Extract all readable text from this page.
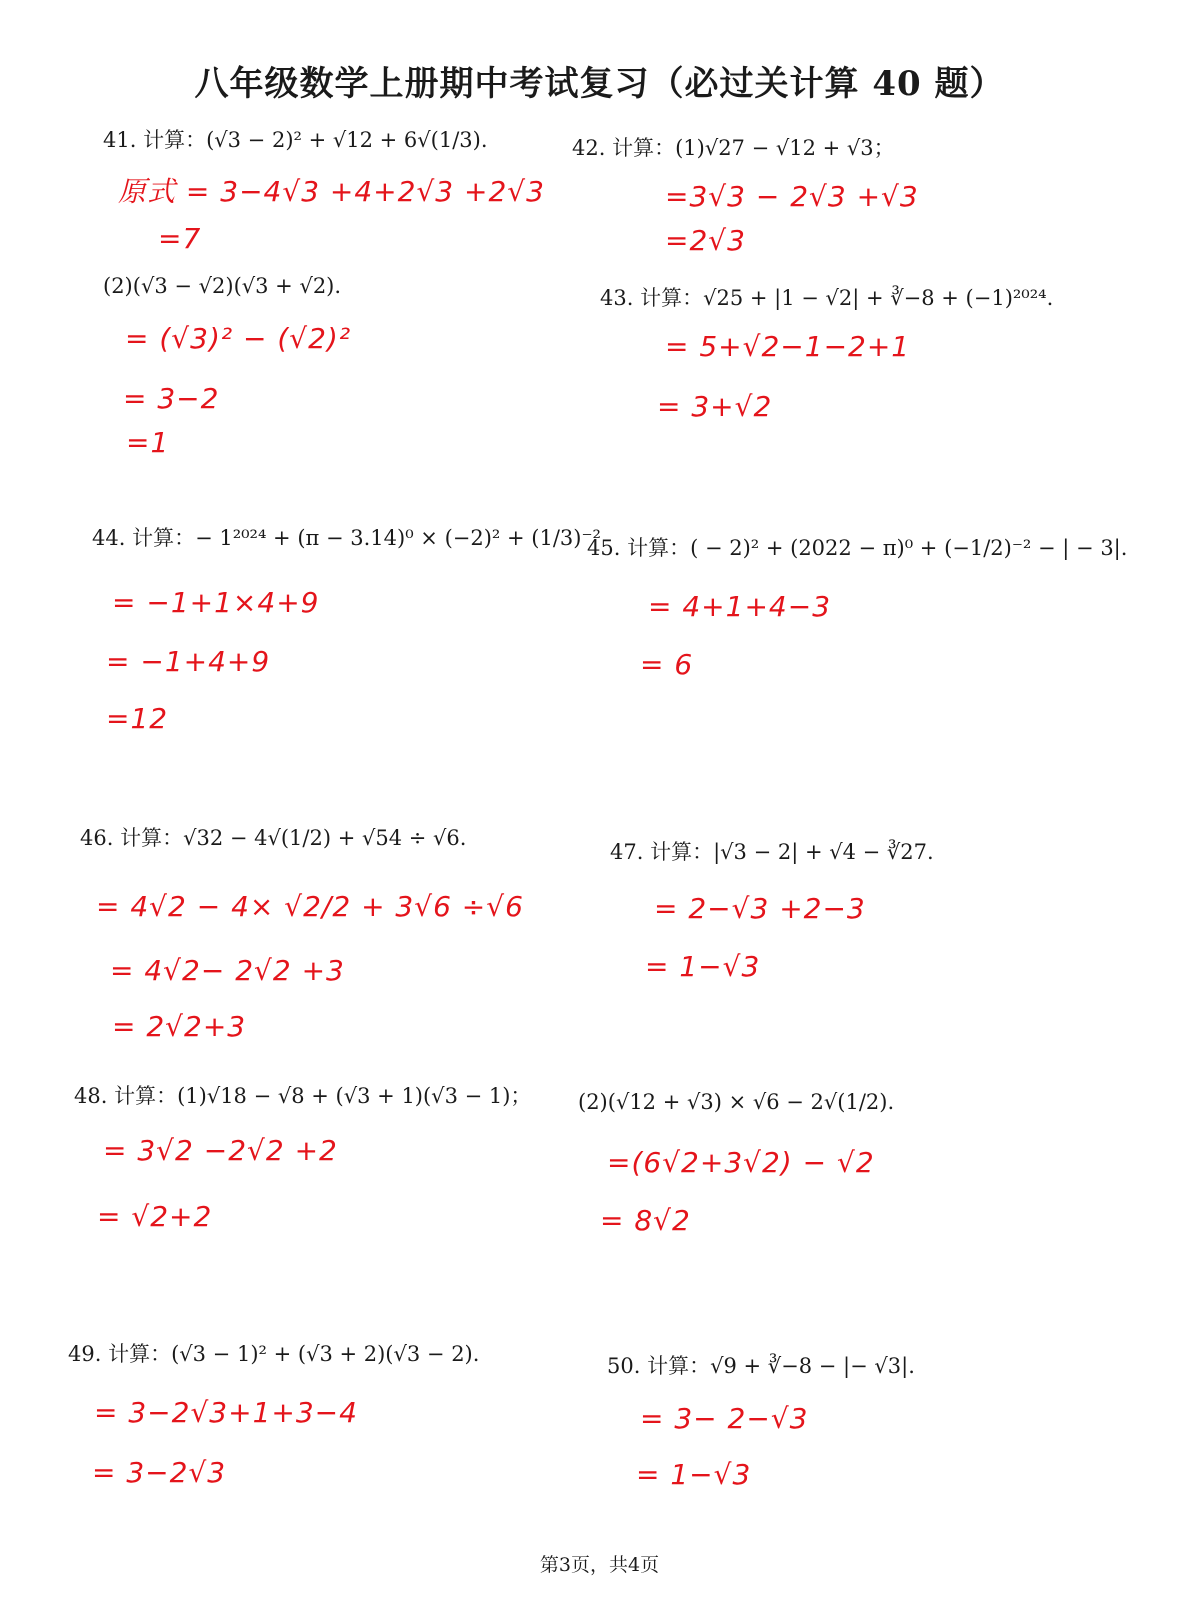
八年级数学上册期中考试复习（必过关计算 40 题）
41. 计算：(√3 − 2)² + √12 + 6√(1/3).
原式 = 3−4√3 +4+2√3 +2√3
=7
42. 计算：(1)√27 − √12 + √3；
=3√3 − 2√3 +√3
=2√3
(2)(√3 − √2)(√3 + √2).
= (√3)² − (√2)²
= 3−2
=1
43. 计算：√25 + |1 − √2| + ∛−8 + (−1)²⁰²⁴.
= 5+√2−1−2+1
= 3+√2
44. 计算：− 1²⁰²⁴ + (π − 3.14)⁰ × (−2)² + (1/3)⁻²
= −1+1×4+9
= −1+4+9
=12
45. 计算：( − 2)² + (2022 − π)⁰ + (−1/2)⁻² − | − 3|.
= 4+1+4−3
= 6
46. 计算：√32 − 4√(1/2) + √54 ÷ √6.
= 4√2 − 4× √2/2 + 3√6 ÷√6
= 4√2− 2√2 +3
= 2√2+3
47. 计算：|√3 − 2| + √4 − ∛27.
= 2−√3 +2−3
= 1−√3
48. 计算：(1)√18 − √8 + (√3 + 1)(√3 − 1)；
= 3√2 −2√2 +2
= √2+2
(2)(√12 + √3) × √6 − 2√(1/2).
=(6√2+3√2) − √2
= 8√2
49. 计算：(√3 − 1)² + (√3 + 2)(√3 − 2).
= 3−2√3+1+3−4
= 3−2√3
50. 计算：√9 + ∛−8 − |− √3|.
= 3− 2−√3
= 1−√3
第3页，共4页
